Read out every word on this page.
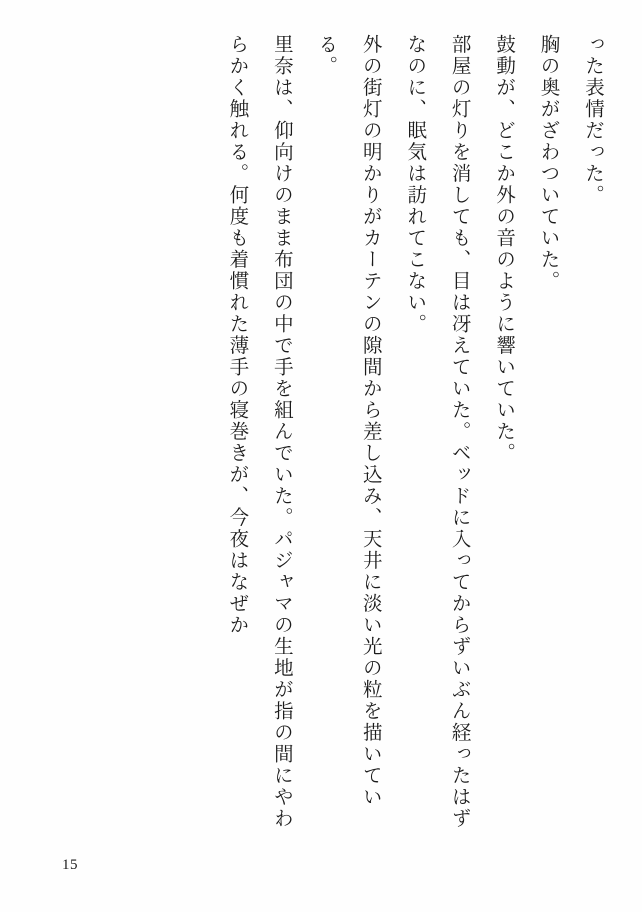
った表情だった。

胸の奥がざわついていた。

鼓動が、どこか外の音のように響いていた。

部屋の灯りを消しても、目は冴えていた。ベッドに入ってからずいぶん経ったはずなのに、眠気は訪れてこない。

外の街灯の明かりがカーテンの隙間から差し込み、天井に淡い光の粒を描いている。

里奈は、仰向けのまま布団の中で手を組んでいた。パジャマの生地が指の間にやわらかく触れる。何度も着慣れた薄手の寝巻きが、今夜はなぜか

15
